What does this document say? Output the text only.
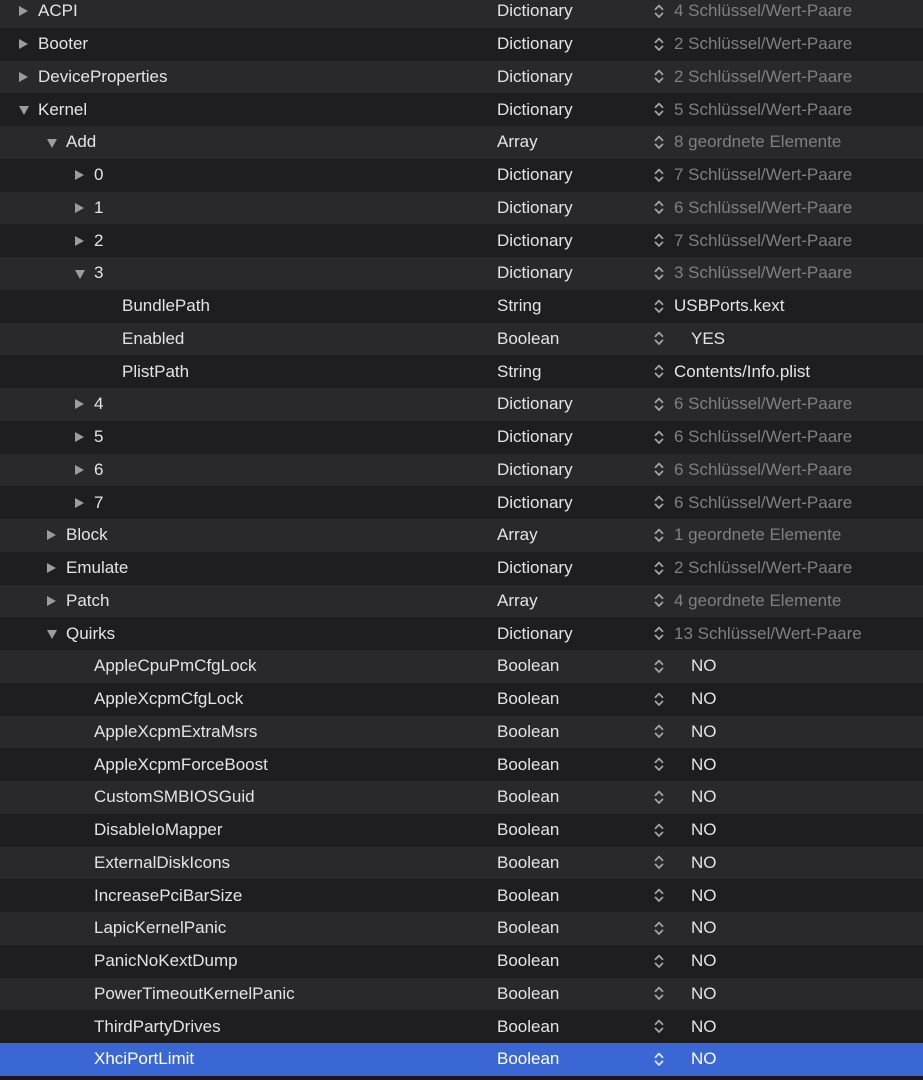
ACPI	Dictionary	4 Schlüssel/Wert-Paare
Booter	Dictionary	2 Schlüssel/Wert-Paare
DeviceProperties	Dictionary	2 Schlüssel/Wert-Paare
Kernel	Dictionary	5 Schlüssel/Wert-Paare
Add	Array	8 geordnete Elemente
0	Dictionary	7 Schlüssel/Wert-Paare
1	Dictionary	6 Schlüssel/Wert-Paare
2	Dictionary	7 Schlüssel/Wert-Paare
3	Dictionary	3 Schlüssel/Wert-Paare
BundlePath	String	USBPorts.kext
Enabled	Boolean	YES
PlistPath	String	Contents/Info.plist
4	Dictionary	6 Schlüssel/Wert-Paare
5	Dictionary	6 Schlüssel/Wert-Paare
6	Dictionary	6 Schlüssel/Wert-Paare
7	Dictionary	6 Schlüssel/Wert-Paare
Block	Array	1 geordnete Elemente
Emulate	Dictionary	2 Schlüssel/Wert-Paare
Patch	Array	4 geordnete Elemente
Quirks	Dictionary	13 Schlüssel/Wert-Paare
AppleCpuPmCfgLock	Boolean	NO
AppleXcpmCfgLock	Boolean	NO
AppleXcpmExtraMsrs	Boolean	NO
AppleXcpmForceBoost	Boolean	NO
CustomSMBIOSGuid	Boolean	NO
DisableIoMapper	Boolean	NO
ExternalDiskIcons	Boolean	NO
IncreasePciBarSize	Boolean	NO
LapicKernelPanic	Boolean	NO
PanicNoKextDump	Boolean	NO
PowerTimeoutKernelPanic	Boolean	NO
ThirdPartyDrives	Boolean	NO
XhciPortLimit	Boolean	NO
